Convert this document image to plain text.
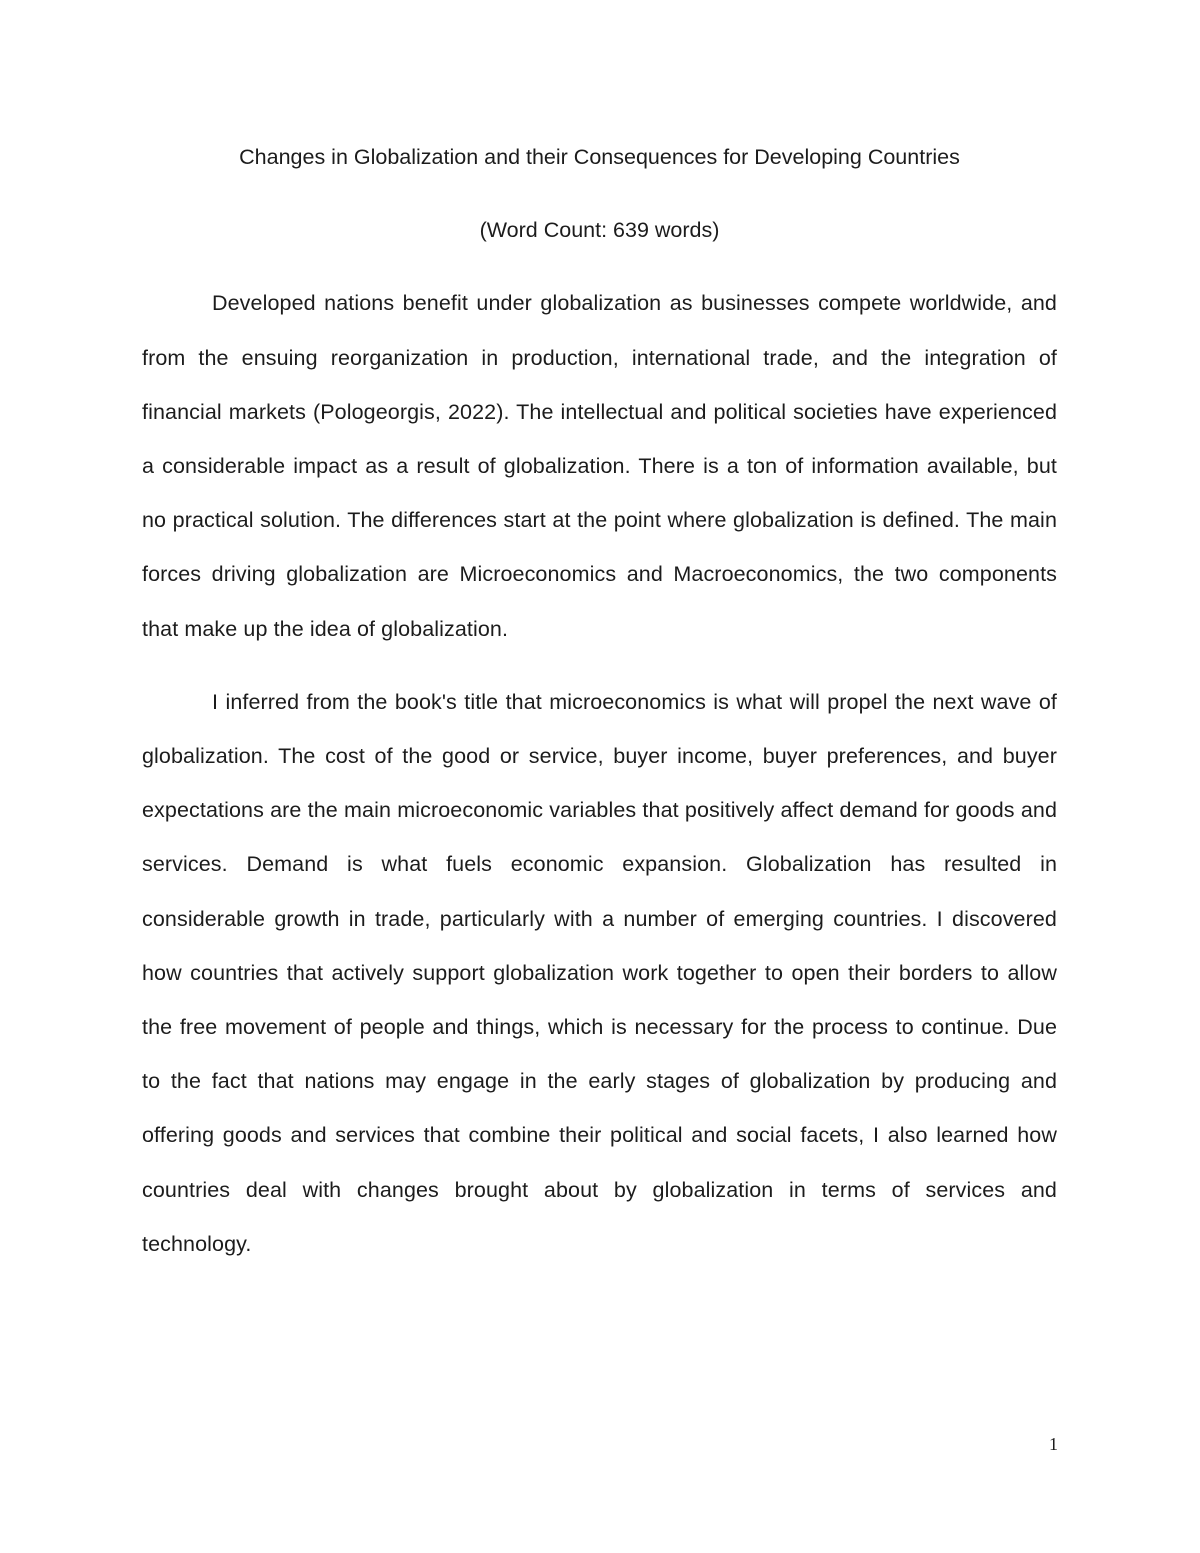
Changes in Globalization and their Consequences for Developing Countries
(Word Count: 639 words)

Developed nations benefit under globalization as businesses compete worldwide, and from the ensuing reorganization in production, international trade, and the integration of financial markets (Pologeorgis, 2022). The intellectual and political societies have experienced a considerable impact as a result of globalization. There is a ton of information available, but no practical solution. The differences start at the point where globalization is defined. The main forces driving globalization are Microeconomics and Macroeconomics, the two components that make up the idea of globalization.

I inferred from the book's title that microeconomics is what will propel the next wave of globalization. The cost of the good or service, buyer income, buyer preferences, and buyer expectations are the main microeconomic variables that positively affect demand for goods and services. Demand is what fuels economic expansion. Globalization has resulted in considerable growth in trade, particularly with a number of emerging countries. I discovered how countries that actively support globalization work together to open their borders to allow the free movement of people and things, which is necessary for the process to continue. Due to the fact that nations may engage in the early stages of globalization by producing and offering goods and services that combine their political and social facets, I also learned how countries deal with changes brought about by globalization in terms of services and technology.

1
